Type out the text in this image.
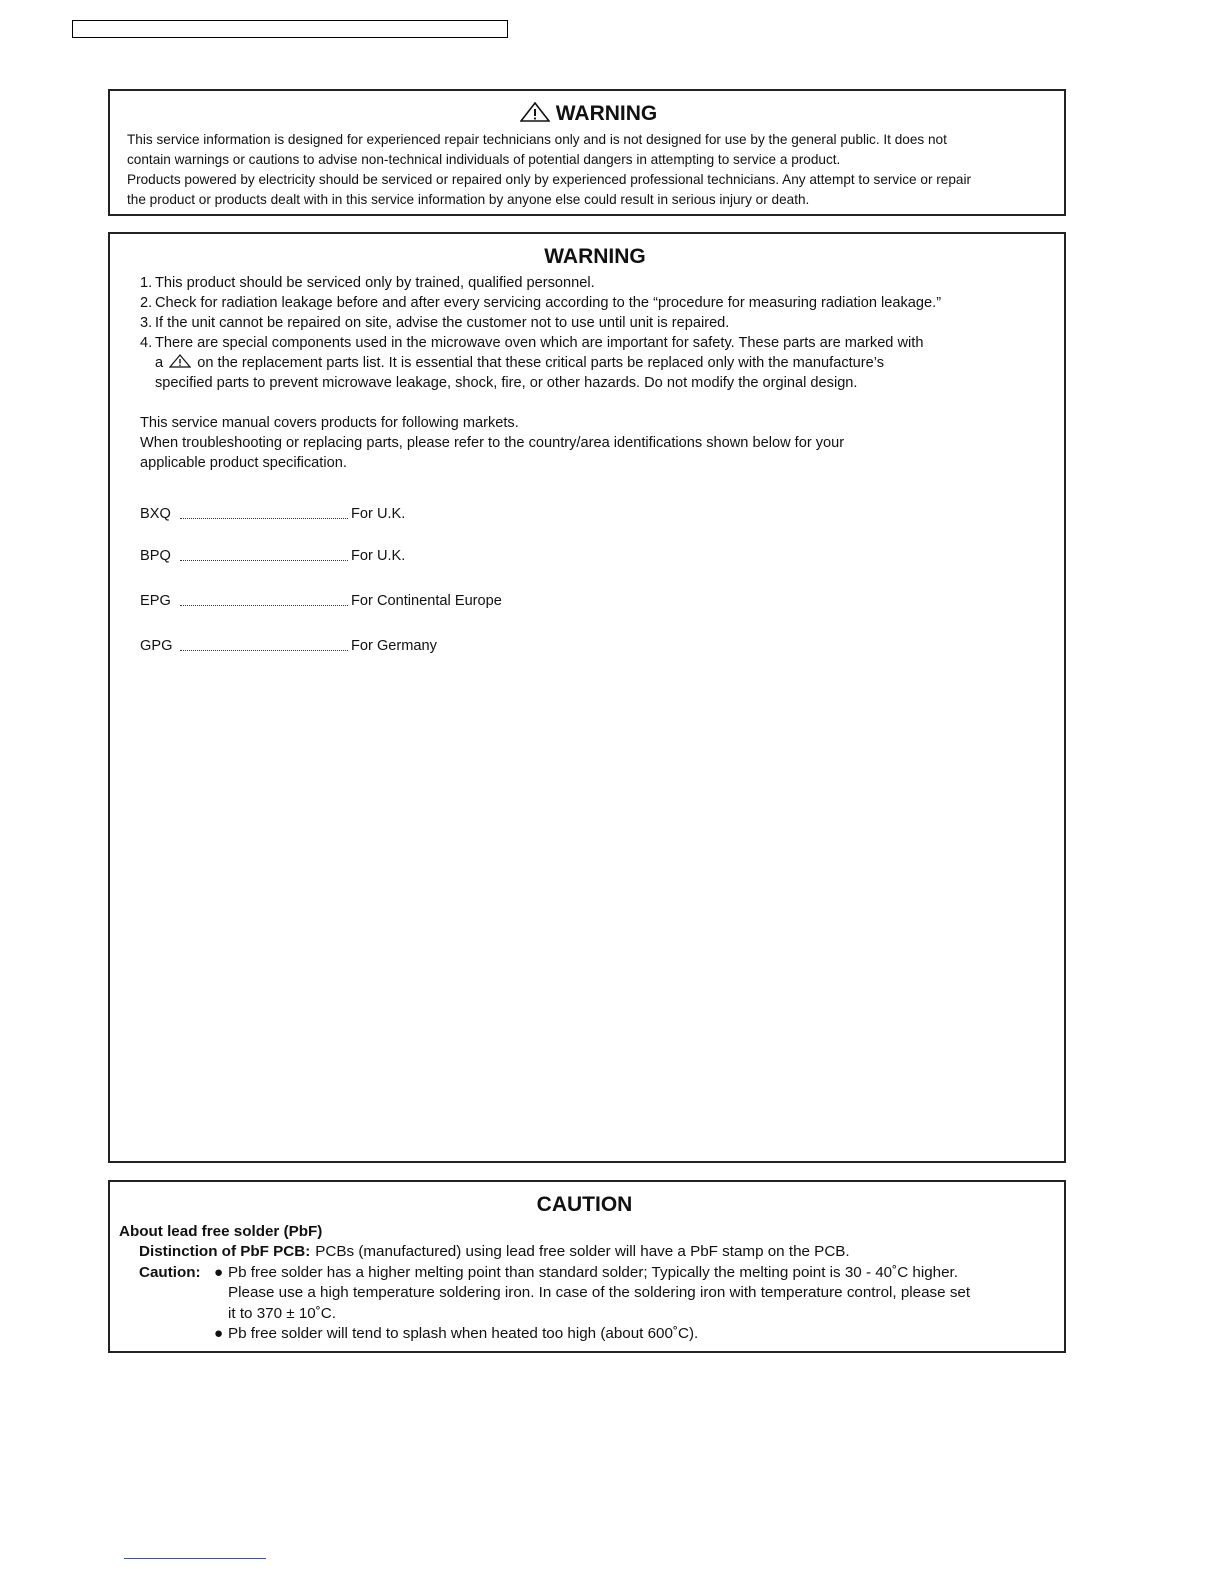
WARNING

This service information is designed for experienced repair technicians only and is not designed for use by the general public. It does not
contain warnings or cautions to advise non-technical individuals of potential dangers in attempting to service a product.
Products powered by electricity should be serviced or repaired only by experienced professional technicians. Any attempt to service or repair
the product or products dealt with in this service information by anyone else could result in serious injury or death.

WARNING
1. This product should be serviced only by trained, qualified personnel.
2. Check for radiation leakage before and after every servicing according to the “procedure for measuring radiation leakage.”
3. If the unit cannot be repaired on site, advise the customer not to use until unit is repaired.
4. There are special components used in the microwave oven which are important for safety. These parts are marked with
a on the replacement parts list. It is essential that these critical parts be replaced only with the manufacture’s
specified parts to prevent microwave leakage, shock, fire, or other hazards. Do not modify the orginal design.

This service manual covers products for following markets.
When troubleshooting or replacing parts, please refer to the country/area identifications shown below for your
applicable product specification.

BXQ	For U.K.
BPQ	For U.K.
EPG	For Continental Europe
GPG	For Germany
CAUTION

About lead free solder (PbF)

Distinction of PbF PCB: PCBs (manufactured) using lead free solder will have a PbF stamp on the PCB.
Caution: ● Pb free solder has a higher melting point than standard solder; Typically the melting point is 30 - 40˚C higher.
Please use a high temperature soldering iron. In case of the soldering iron with temperature control, please set
it to 370 ± 10˚C.
● Pb free solder will tend to splash when heated too high (about 600˚C).
